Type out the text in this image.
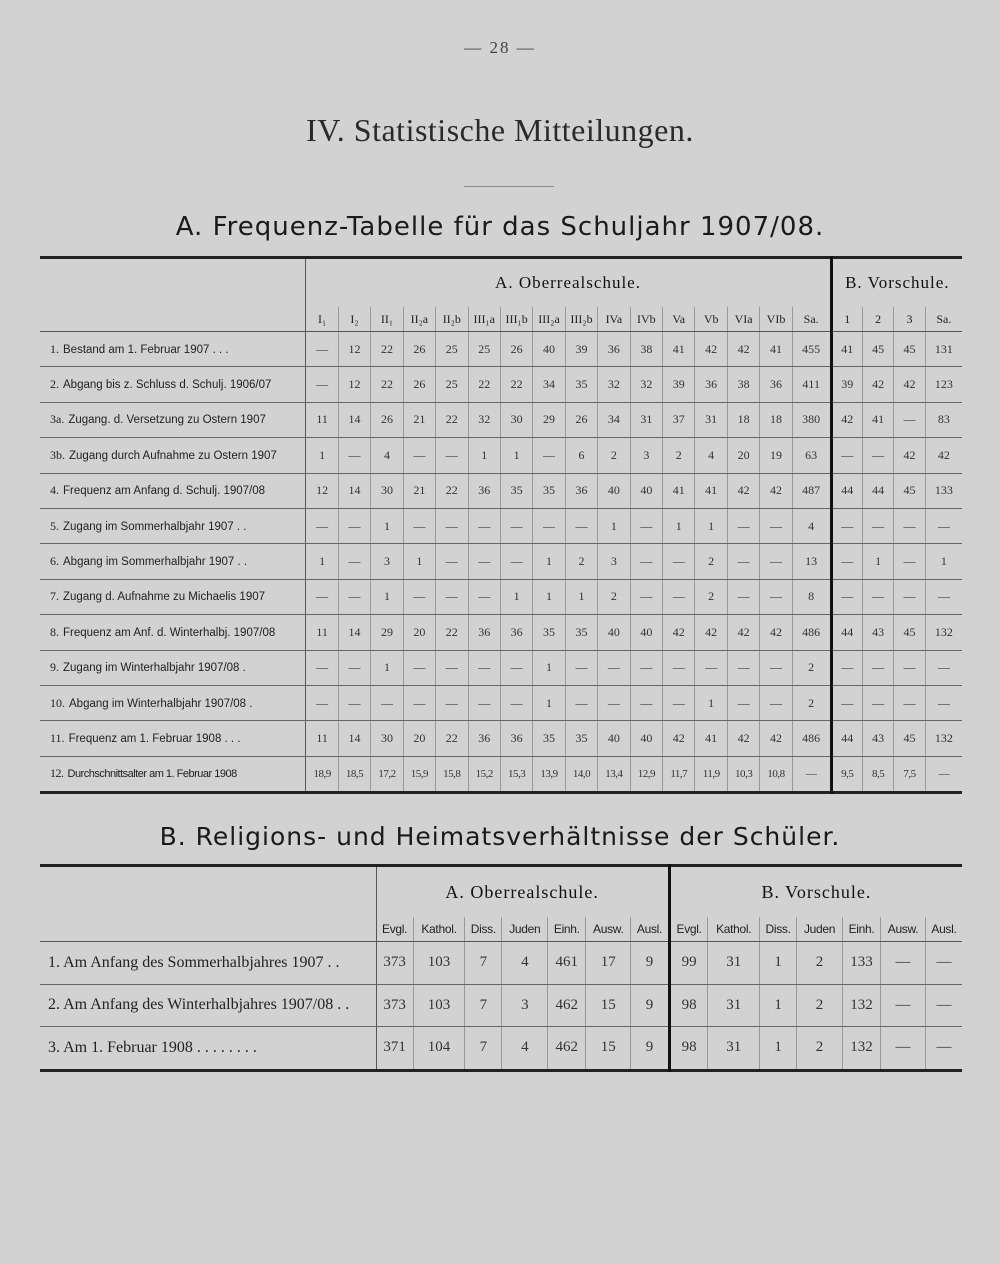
— 28 —
IV. Statistische Mitteilungen.
A. Frequenz-Tabelle für das Schuljahr 1907/08.
	A. Oberrealschule.																B. Vorschule.			
	I₁	I₂	II₁	II₂a	II₂b	III₁a	III₁b	III₂a	III₂b	IVa	IVb	Va	Vb	VIa	VIb	Sa.	1	2	3	Sa.
1. Bestand am 1. Februar 1907 . . .	—	12	22	26	25	25	26	40	39	36	38	41	42	42	41	455	41	45	45	131
2. Abgang bis z. Schluss d. Schulj. 1906/07	—	12	22	26	25	22	22	34	35	32	32	39	36	38	36	411	39	42	42	123
3a. Zugang. d. Versetzung zu Ostern 1907	11	14	26	21	22	32	30	29	26	34	31	37	31	18	18	380	42	41	—	83
3b. Zugang durch Aufnahme zu Ostern 1907	1	—	4	—	—	1	1	—	6	2	3	2	4	20	19	63	—	—	42	42
4. Frequenz am Anfang d. Schulj. 1907/08	12	14	30	21	22	36	35	35	36	40	40	41	41	42	42	487	44	44	45	133
5. Zugang im Sommerhalbjahr 1907 . .	—	—	1	—	—	—	—	—	—	1	—	1	1	—	—	4	—	—	—	—
6. Abgang im Sommerhalbjahr 1907 . .	1	—	3	1	—	—	—	1	2	3	—	—	2	—	—	13	—	1	—	1
7. Zugang d. Aufnahme zu Michaelis 1907	—	—	1	—	—	—	1	1	1	2	—	—	2	—	—	8	—	—	—	—
8. Frequenz am Anf. d. Winterhalbj. 1907/08	11	14	29	20	22	36	36	35	35	40	40	42	42	42	42	486	44	43	45	132
9. Zugang im Winterhalbjahr 1907/08 .	—	—	1	—	—	—	—	1	—	—	—	—	—	—	—	2	—	—	—	—
10. Abgang im Winterhalbjahr 1907/08 .	—	—	—	—	—	—	—	1	—	—	—	—	1	—	—	2	—	—	—	—
11. Frequenz am 1. Februar 1908 . . .	11	14	30	20	22	36	36	35	35	40	40	42	41	42	42	486	44	43	45	132
12. Durchschnittsalter am 1. Februar 1908	18,9	18,5	17,2	15,9	15,8	15,2	15,3	13,9	14,0	13,4	12,9	11,7	11,9	10,3	10,8	—	9,5	8,5	7,5	—
B. Religions- und Heimatsverhältnisse der Schüler.
	A. Oberrealschule.							B. Vorschule.						
	Evgl.	Kathol.	Diss.	Juden	Einh.	Ausw.	Ausl.	Evgl.	Kathol.	Diss.	Juden	Einh.	Ausw.	Ausl.
1. Am Anfang des Sommerhalbjahres 1907 . .	373	103	7	4	461	17	9	99	31	1	2	133	—	—
2. Am Anfang des Winterhalbjahres 1907/08 . .	373	103	7	3	462	15	9	98	31	1	2	132	—	—
3. Am 1. Februar 1908 . . . . . . . .	371	104	7	4	462	15	9	98	31	1	2	132	—	—
